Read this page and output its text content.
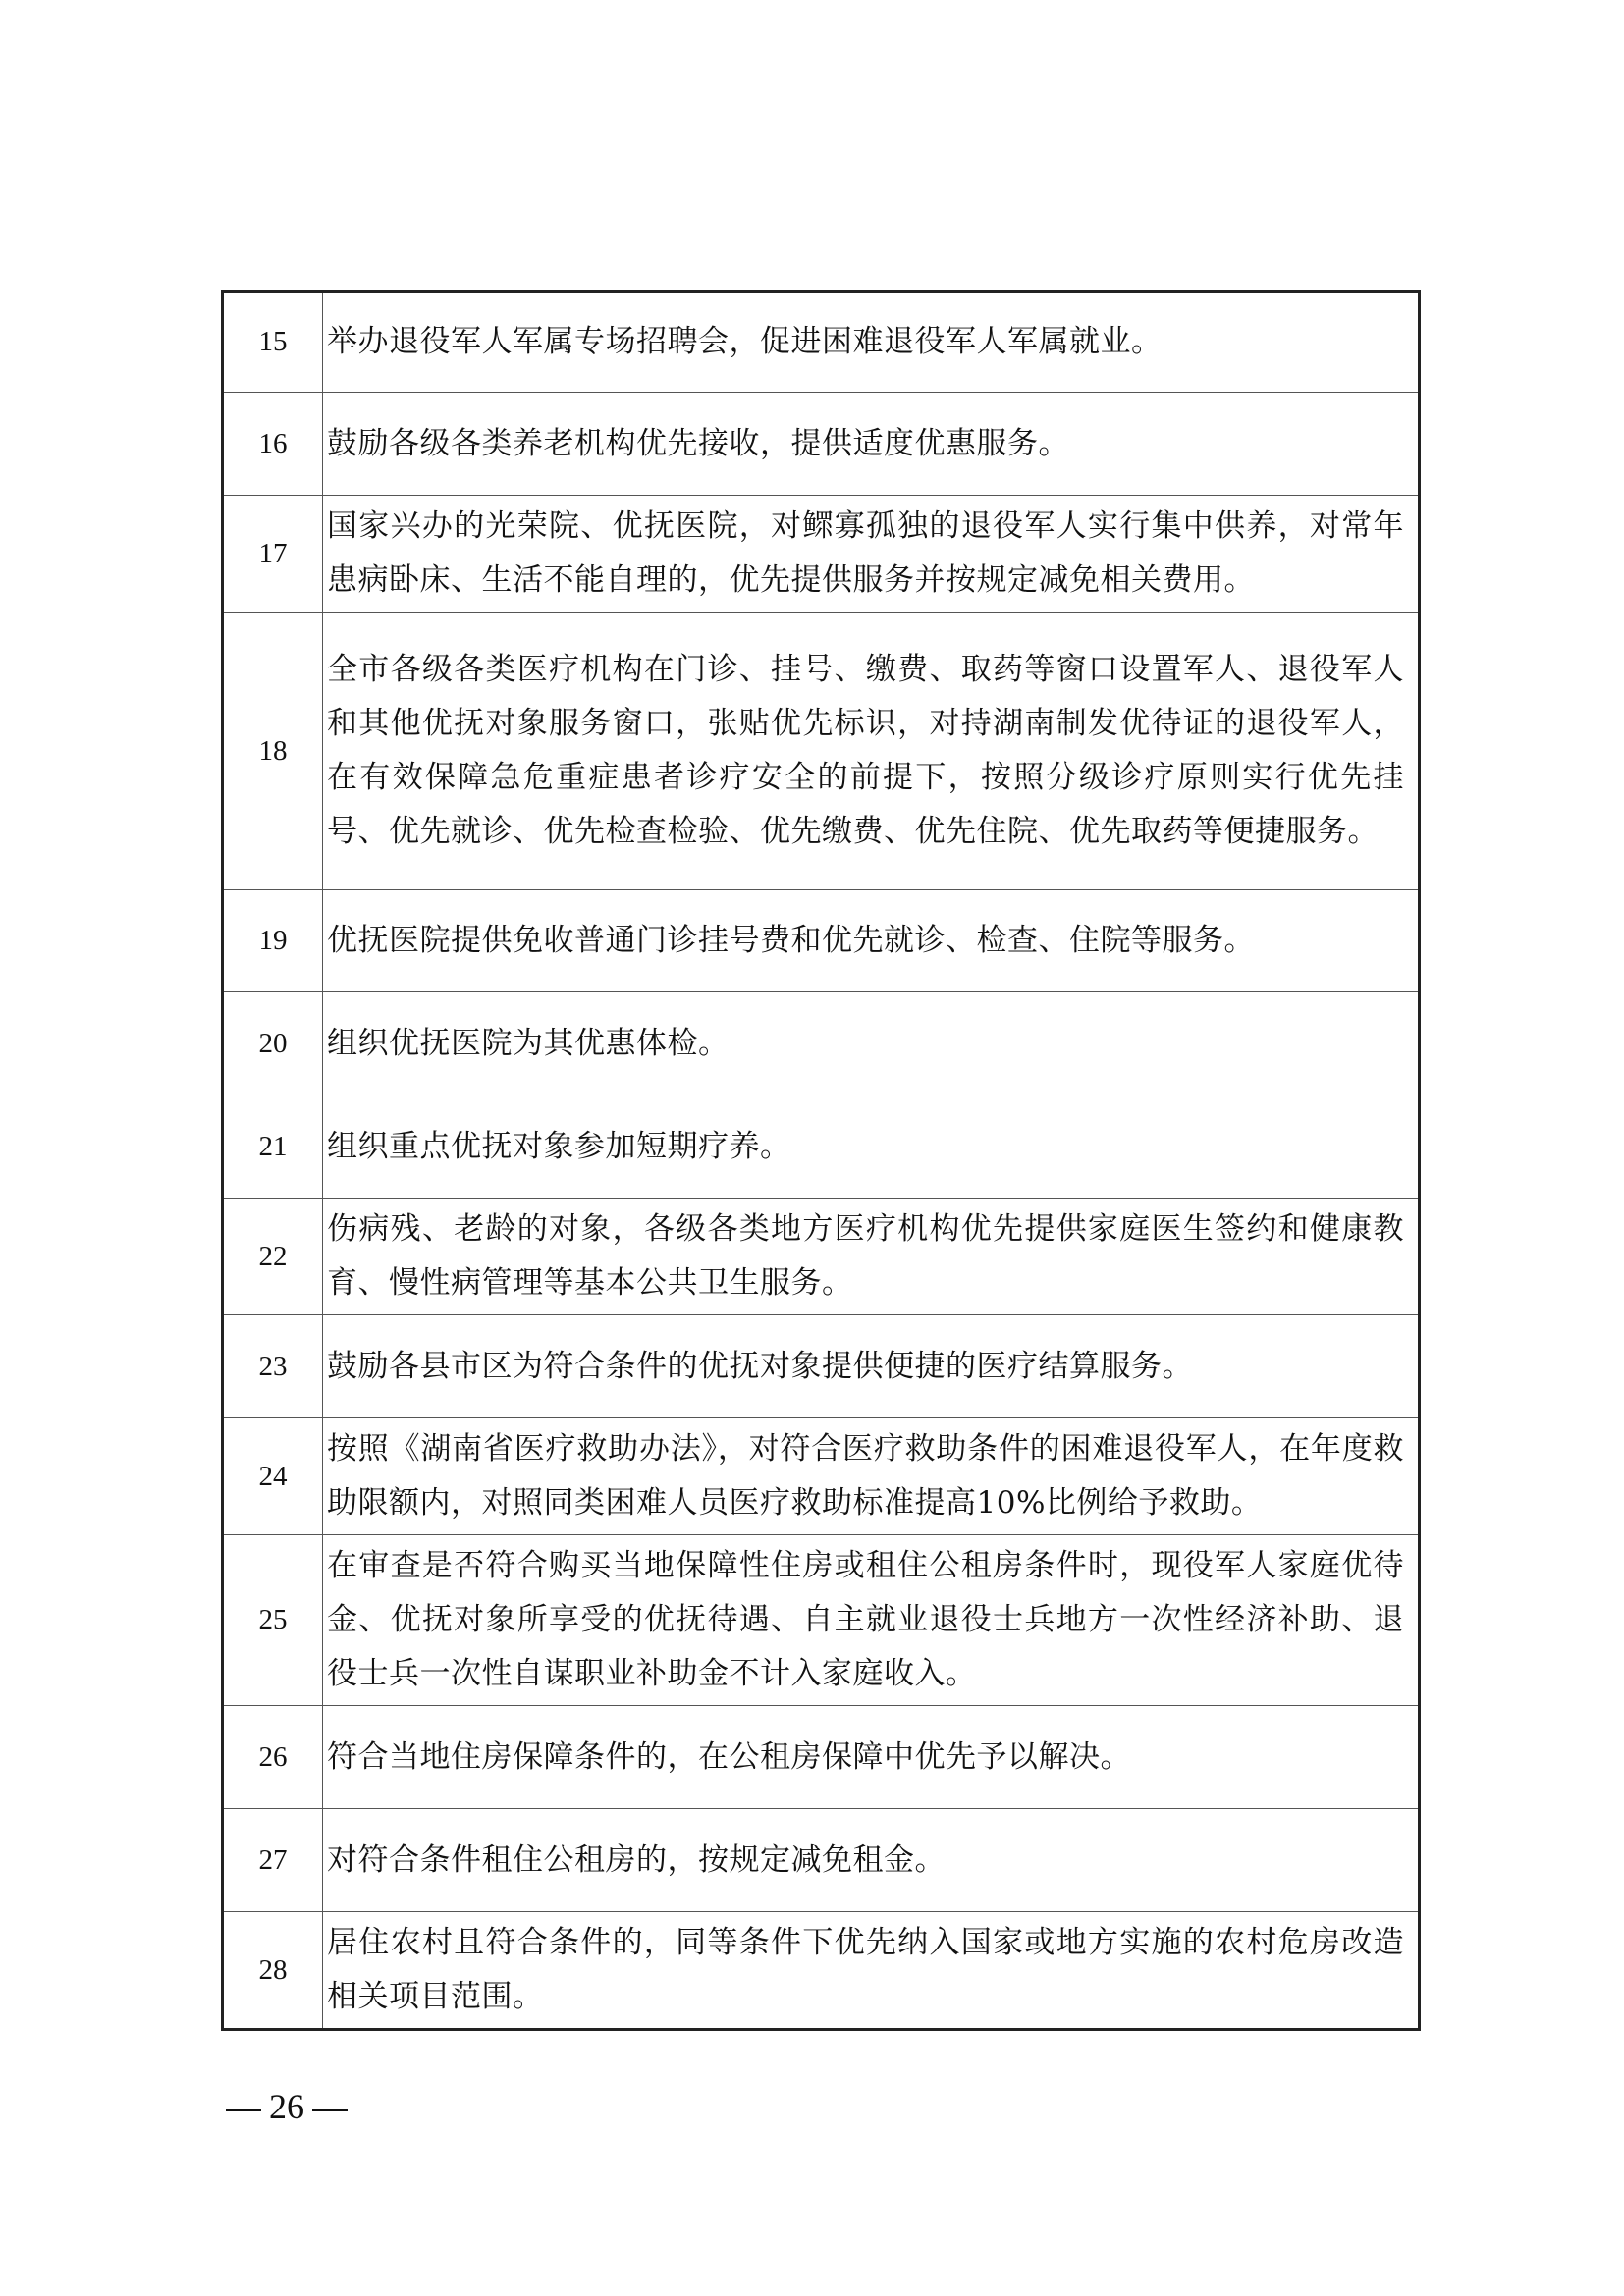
15	举办退役军人军属专场招聘会，促进困难退役军人军属就业。
16	鼓励各级各类养老机构优先接收，提供适度优惠服务。
17	国家兴办的光荣院、优抚医院，对鳏寡孤独的退役军人实行集中供养，对常年患病卧床、生活不能自理的，优先提供服务并按规定减免相关费用。
18	全市各级各类医疗机构在门诊、挂号、缴费、取药等窗口设置军人、退役军人和其他优抚对象服务窗口，张贴优先标识，对持湖南制发优待证的退役军人，在有效保障急危重症患者诊疗安全的前提下，按照分级诊疗原则实行优先挂号、优先就诊、优先检查检验、优先缴费、优先住院、优先取药等便捷服务。
19	优抚医院提供免收普通门诊挂号费和优先就诊、检查、住院等服务。
20	组织优抚医院为其优惠体检。
21	组织重点优抚对象参加短期疗养。
22	伤病残、老龄的对象，各级各类地方医疗机构优先提供家庭医生签约和健康教育、慢性病管理等基本公共卫生服务。
23	鼓励各县市区为符合条件的优抚对象提供便捷的医疗结算服务。
24	按照《湖南省医疗救助办法》，对符合医疗救助条件的困难退役军人，在年度救助限额内，对照同类困难人员医疗救助标准提高10%比例给予救助。
25	在审查是否符合购买当地保障性住房或租住公租房条件时，现役军人家庭优待金、优抚对象所享受的优抚待遇、自主就业退役士兵地方一次性经济补助、退役士兵一次性自谋职业补助金不计入家庭收入。
26	符合当地住房保障条件的，在公租房保障中优先予以解决。
27	对符合条件租住公租房的，按规定减免租金。
28	居住农村且符合条件的，同等条件下优先纳入国家或地方实施的农村危房改造相关项目范围。
26
